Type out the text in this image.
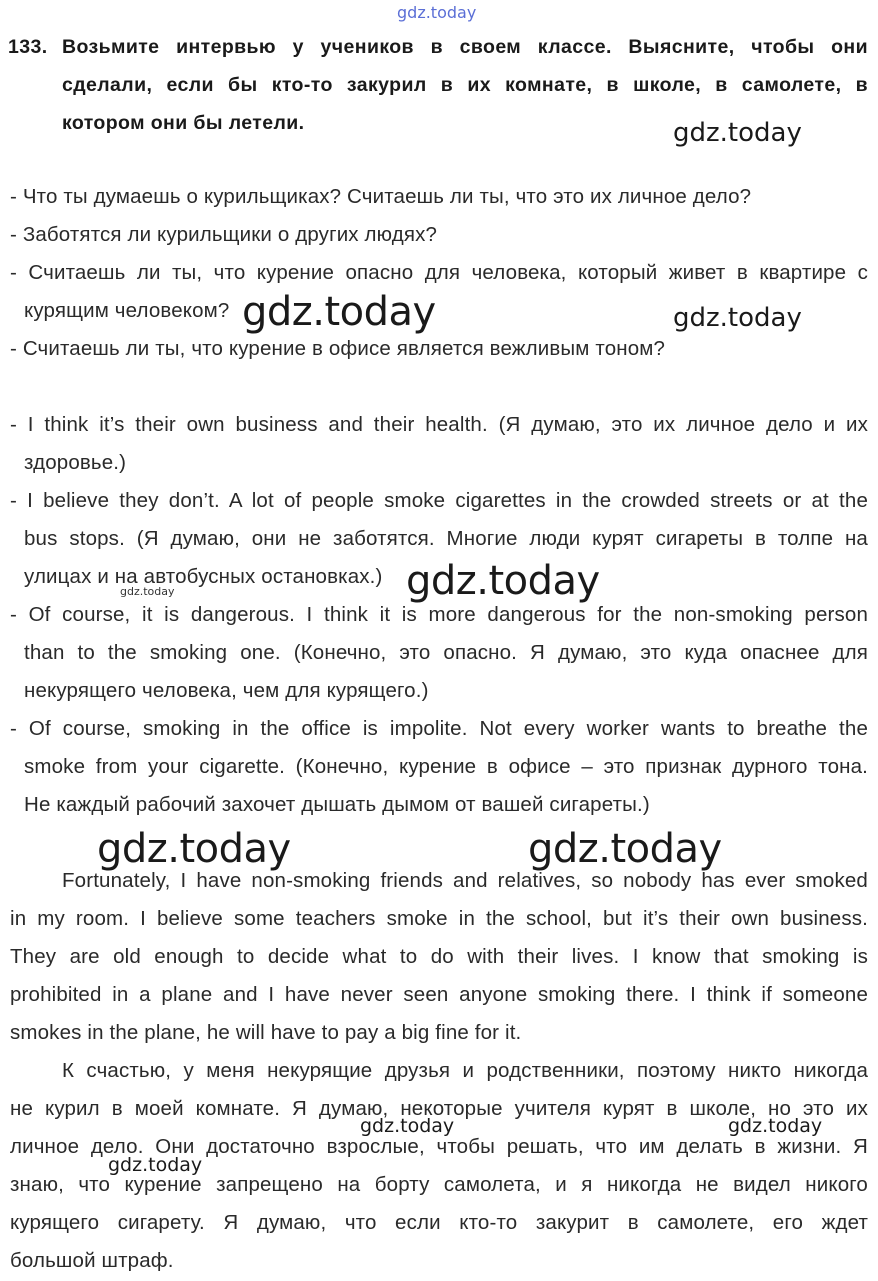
gdz.today
133. Возьмите интервью у учеников в своем классе. Выясните, чтобы они
сделали, если бы кто-то закурил в их комнате, в школе, в самолете, в
котором они бы летели.	gdz.today
- Что ты думаешь о курильщиках? Считаешь ли ты, что это их личное дело?
- Заботятся ли курильщики о других людях?
- Считаешь ли ты, что курение опасно для человека, который живет в квартире с
курящим человеком? gdz.today	gdz.today
- Считаешь ли ты, что курение в офисе является вежливым тоном?
- I think it’s their own business and their health. (Я думаю, это их личное дело и их
здоровье.)
- I believe they don’t. A lot of people smoke cigarettes in the crowded streets or at the
bus stops. (Я думаю, они не заботятся. Многие люди курят сигареты в толпе на
улицах и на автобусных остановках.) gdz.today
gdz.today
- Of course, it is dangerous. I think it is more dangerous for the non-smoking person
than to the smoking one. (Конечно, это опасно. Я думаю, это куда опаснее для
некурящего человека, чем для курящего.)
- Of course, smoking in the office is impolite. Not every worker wants to breathe the
smoke from your cigarette. (Конечно, курение в офисе – это признак дурного тона.
Не каждый рабочий захочет дышать дымом от вашей сигареты.)
gdz.today	gdz.today
Fortunately, I have non-smoking friends and relatives, so nobody has ever smoked
in my room. I believe some teachers smoke in the school, but it’s their own business.
They are old enough to decide what to do with their lives. I know that smoking is
prohibited in a plane and I have never seen anyone smoking there. I think if someone
smokes in the plane, he will have to pay a big fine for it.
К счастью, у меня некурящие друзья и родственники, поэтому никто никогда
не курил в моей комнате. Я думаю, некоторые учителя курят в школе, но это их
gdz.today	gdz.today
личное дело. Они достаточно взрослые, чтобы решать, что им делать в жизни. Я
gdz.today
знаю, что курение запрещено на борту самолета, и я никогда не видел никого
курящего сигарету. Я думаю, что если кто-то закурит в самолете, его ждет
большой штраф.
